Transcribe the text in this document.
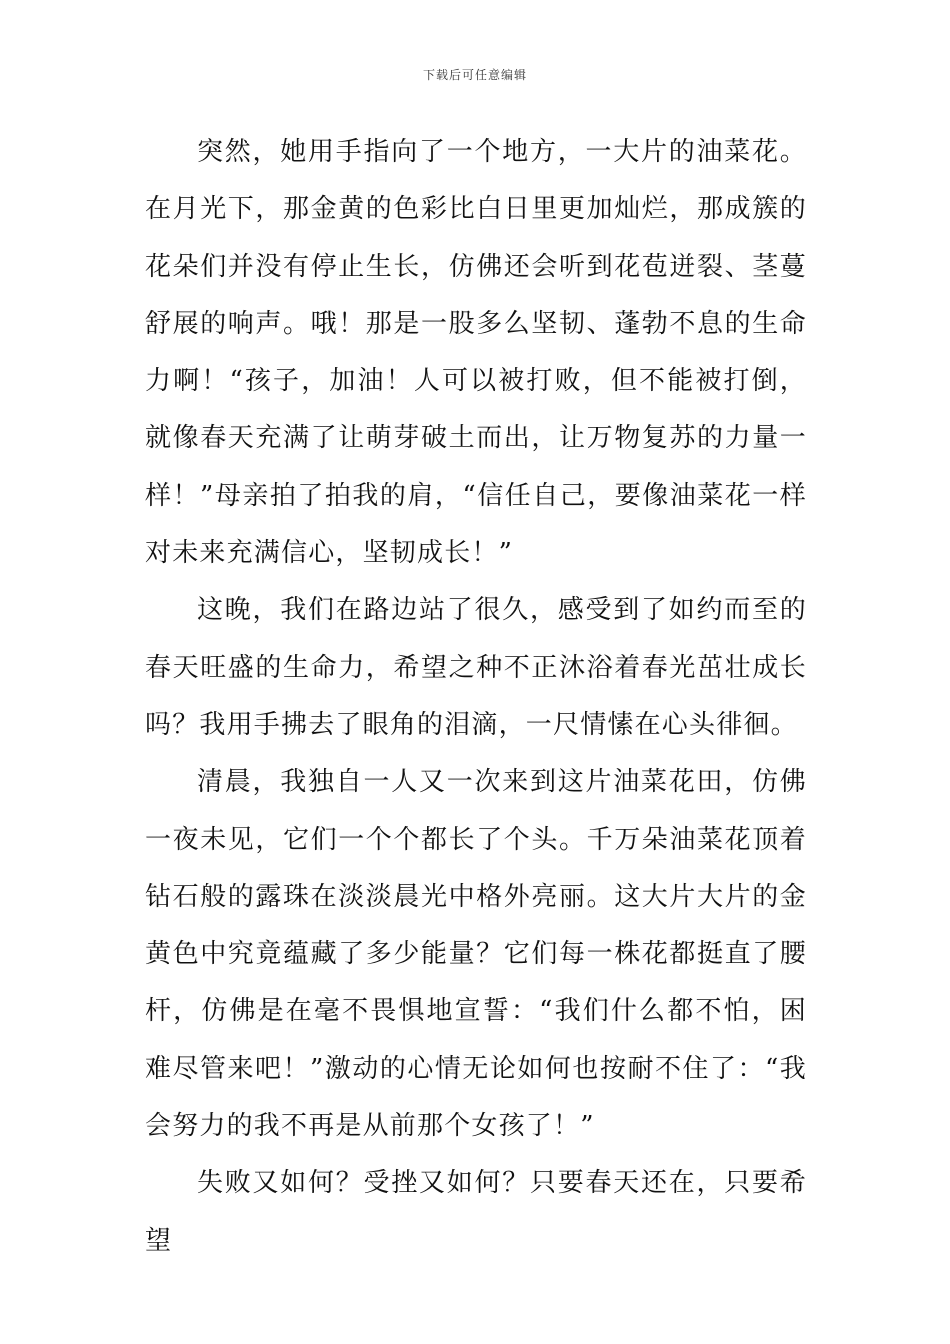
下载后可任意编辑

突然，她用手指向了一个地方，一大片的油菜花。在月光下，那金黄的色彩比白日里更加灿烂，那成簇的花朵们并没有停止生长，仿佛还会听到花苞迸裂、茎蔓舒展的响声。哦！那是一股多么坚韧、蓬勃不息的生命力啊！“孩子，加油！人可以被打败，但不能被打倒，就像春天充满了让萌芽破土而出，让万物复苏的力量一样！”母亲拍了拍我的肩，“信任自己，要像油菜花一样对未来充满信心，坚韧成长！”

这晚，我们在路边站了很久，感受到了如约而至的春天旺盛的生命力，希望之种不正沐浴着春光茁壮成长吗？我用手拂去了眼角的泪滴，一尺情愫在心头徘徊。

清晨，我独自一人又一次来到这片油菜花田，仿佛一夜未见，它们一个个都长了个头。千万朵油菜花顶着钻石般的露珠在淡淡晨光中格外亮丽。这大片大片的金黄色中究竟蕴藏了多少能量？它们每一株花都挺直了腰杆，仿佛是在毫不畏惧地宣誓：“我们什么都不怕，困难尽管来吧！”激动的心情无论如何也按耐不住了：“我会努力的我不再是从前那个女孩了！”

失败又如何？受挫又如何？只要春天还在，只要希望
